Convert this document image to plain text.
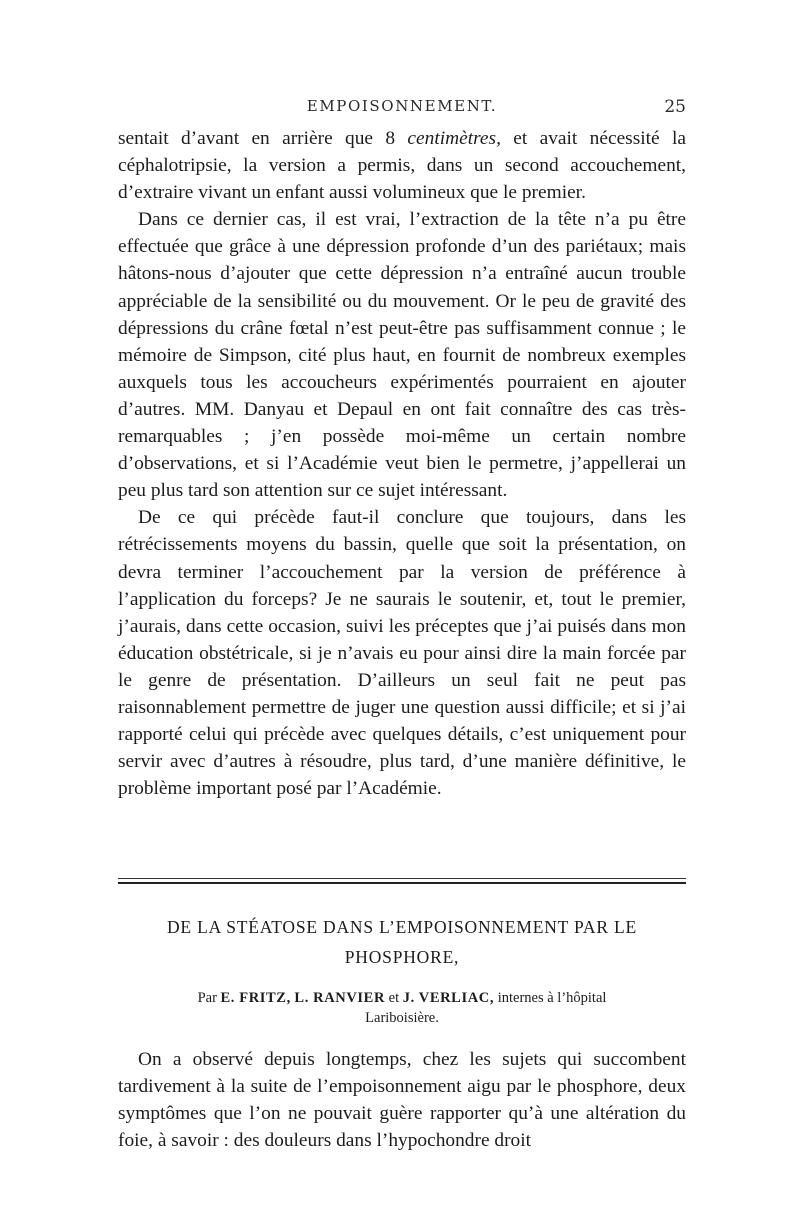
EMPOISONNEMENT.	25

sentait d’avant en arrière que 8 centimètres, et avait nécessité la céphalotripsie, la version a permis, dans un second accouchement, d’extraire vivant un enfant aussi volumineux que le premier.

Dans ce dernier cas, il est vrai, l’extraction de la tête n’a pu être effectuée que grâce à une dépression profonde d’un des pariétaux; mais hâtons-nous d’ajouter que cette dépression n’a entraîné aucun trouble appréciable de la sensibilité ou du mouvement. Or le peu de gravité des dépressions du crâne fœtal n’est peut-être pas suffisamment connue ; le mémoire de Simpson, cité plus haut, en fournit de nombreux exemples auxquels tous les accoucheurs expérimentés pourraient en ajouter d’autres. MM. Danyau et Depaul en ont fait connaître des cas très-remarquables ; j’en possède moi-même un certain nombre d’observations, et si l’Académie veut bien le permetre, j’appellerai un peu plus tard son attention sur ce sujet intéressant.

De ce qui précède faut-il conclure que toujours, dans les rétrécissements moyens du bassin, quelle que soit la présentation, on devra terminer l’accouchement par la version de préférence à l’application du forceps? Je ne saurais le soutenir, et, tout le premier, j’aurais, dans cette occasion, suivi les préceptes que j’ai puisés dans mon éducation obstétricale, si je n’avais eu pour ainsi dire la main forcée par le genre de présentation. D’ailleurs un seul fait ne peut pas raisonnablement permettre de juger une question aussi difficile; et si j’ai rapporté celui qui précède avec quelques détails, c’est uniquement pour servir avec d’autres à résoudre, plus tard, d’une manière définitive, le problème important posé par l’Académie.

DE LA STÉATOSE DANS L’EMPOISONNEMENT PAR LE
PHOSPHORE,
Par E. FRITZ, L. RANVIER et J. VERLIAC, internes à l’hôpital
Lariboisière.

On a observé depuis longtemps, chez les sujets qui succombent tardivement à la suite de l’empoisonnement aigu par le phosphore, deux symptômes que l’on ne pouvait guère rapporter qu’à une altération du foie, à savoir : des douleurs dans l’hypochondre droit
